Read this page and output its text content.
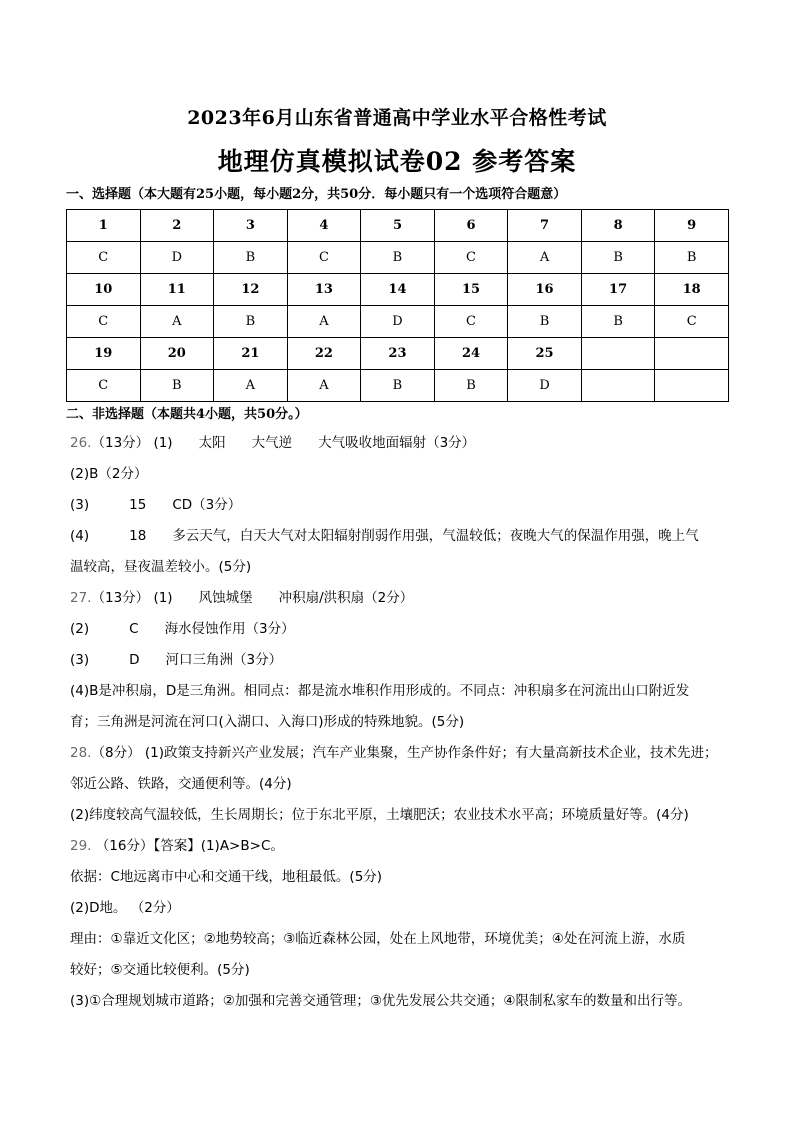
2023年6月山东省普通高中学业水平合格性考试
地理仿真模拟试卷02 参考答案
一、选择题（本大题有25小题，每小题2分，共50分．每小题只有一个选项符合题意）
1	2	3	4	5	6	7	8	9
C	D	B	C	B	C	A	B	B
10	11	12	13	14	15	16	17	18
C	A	B	A	D	C	B	B	C
19	20	21	22	23	24	25		
C	B	A	A	B	B	D		
二、非选择题（本题共4小题，共50分。）

26.（13分） (1) 太阳 大气逆 大气吸收地面辐射（3分）

(2)B（2分）

(3)	15 CD（3分）

(4)	18 多云天气，白天大气对太阳辐射削弱作用强，气温较低；夜晚大气的保温作用强，晚上气

温较高，昼夜温差较小。(5分)

27.（13分） (1) 风蚀城堡 冲积扇/洪积扇（2分）

(2)	C 海水侵蚀作用（3分）

(3)	D 河口三角洲（3分）

(4)B是冲积扇，D是三角洲。相同点：都是流水堆积作用形成的。不同点：冲积扇多在河流出山口附近发

育；三角洲是河流在河口(入湖口、入海口)形成的特殊地貌。(5分)

28.（8分） (1)政策支持新兴产业发展；汽车产业集聚，生产协作条件好；有大量高新技术企业，技术先进；

邻近公路、铁路，交通便利等。(4分)

(2)纬度较高气温较低，生长周期长；位于东北平原，土壤肥沃；农业技术水平高；环境质量好等。(4分)

29. （16分）【答案】(1)A>B>C。

依据：C地远离市中心和交通干线，地租最低。(5分)

(2)D地。 （2分）

理由：①靠近文化区；②地势较高；③临近森林公园，处在上风地带，环境优美；④处在河流上游，水质

较好；⑤交通比较便利。(5分)

(3)①合理规划城市道路；②加强和完善交通管理；③优先发展公共交通；④限制私家车的数量和出行等。
